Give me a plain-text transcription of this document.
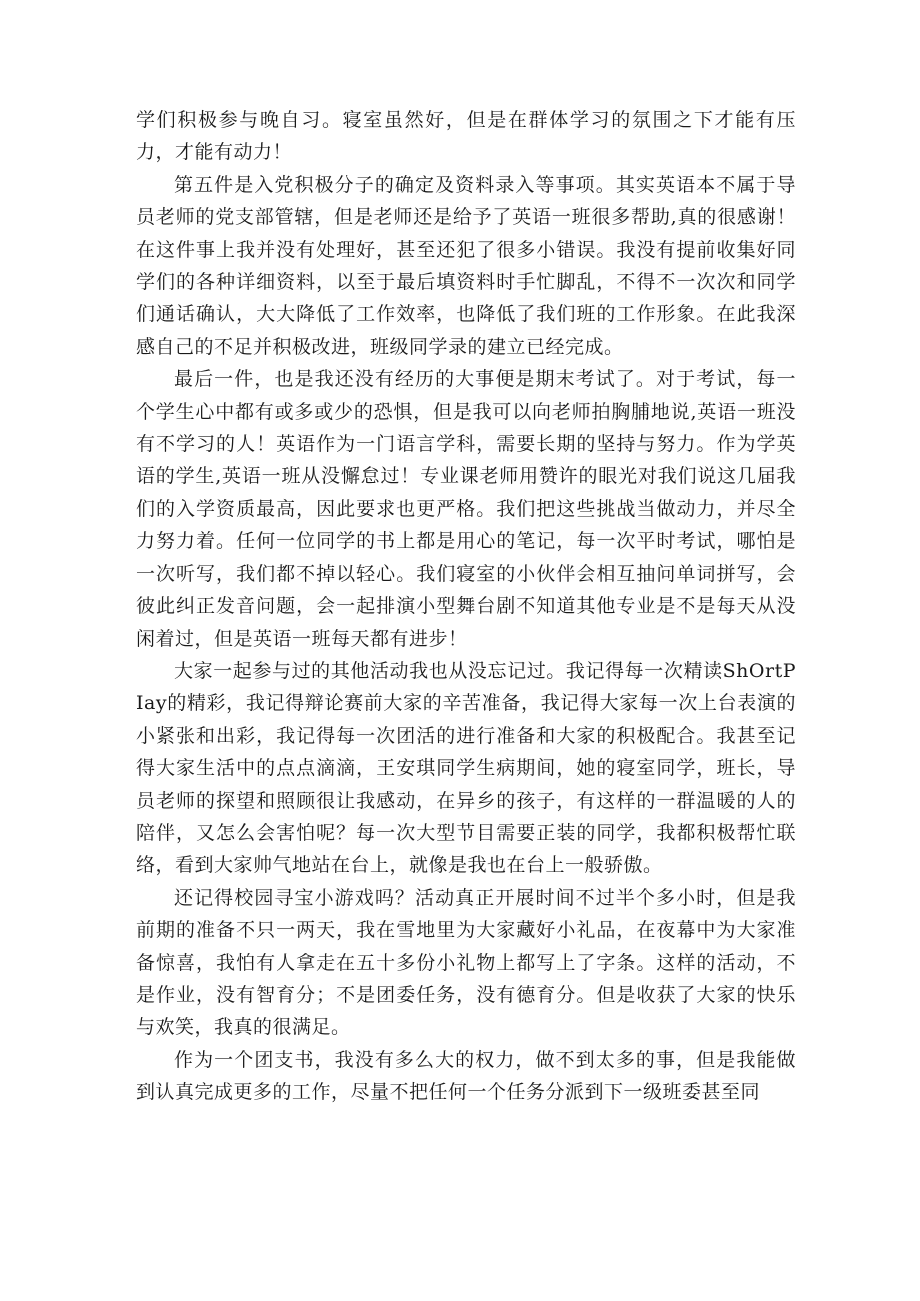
学们积极参与晚自习。寝室虽然好，但是在群体学习的氛围之下才能有压力，才能有动力！

第五件是入党积极分子的确定及资料录入等事项。其实英语本不属于导员老师的党支部管辖，但是老师还是给予了英语一班很多帮助,真的很感谢！在这件事上我并没有处理好，甚至还犯了很多小错误。我没有提前收集好同学们的各种详细资料，以至于最后填资料时手忙脚乱，不得不一次次和同学们通话确认，大大降低了工作效率，也降低了我们班的工作形象。在此我深感自己的不足并积极改进，班级同学录的建立已经完成。

最后一件，也是我还没有经历的大事便是期末考试了。对于考试，每一个学生心中都有或多或少的恐惧，但是我可以向老师拍胸脯地说,英语一班没有不学习的人！英语作为一门语言学科，需要长期的坚持与努力。作为学英语的学生,英语一班从没懈怠过！专业课老师用赞许的眼光对我们说这几届我们的入学资质最高，因此要求也更严格。我们把这些挑战当做动力，并尽全力努力着。任何一位同学的书上都是用心的笔记，每一次平时考试，哪怕是一次听写，我们都不掉以轻心。我们寝室的小伙伴会相互抽问单词拼写，会彼此纠正发音问题，会一起排演小型舞台剧不知道其他专业是不是每天从没闲着过，但是英语一班每天都有进步！

大家一起参与过的其他活动我也从没忘记过。我记得每一次精读ShOrtPIay的精彩，我记得辩论赛前大家的辛苦准备，我记得大家每一次上台表演的小紧张和出彩，我记得每一次团活的进行准备和大家的积极配合。我甚至记得大家生活中的点点滴滴，王安琪同学生病期间，她的寝室同学，班长，导员老师的探望和照顾很让我感动，在异乡的孩子，有这样的一群温暖的人的陪伴，又怎么会害怕呢？每一次大型节目需要正装的同学，我都积极帮忙联络，看到大家帅气地站在台上，就像是我也在台上一般骄傲。

还记得校园寻宝小游戏吗？活动真正开展时间不过半个多小时，但是我前期的准备不只一两天，我在雪地里为大家藏好小礼品，在夜幕中为大家准备惊喜，我怕有人拿走在五十多份小礼物上都写上了字条。这样的活动，不是作业，没有智育分；不是团委任务，没有德育分。但是收获了大家的快乐与欢笑，我真的很满足。

作为一个团支书，我没有多么大的权力，做不到太多的事，但是我能做到认真完成更多的工作，尽量不把任何一个任务分派到下一级班委甚至同
